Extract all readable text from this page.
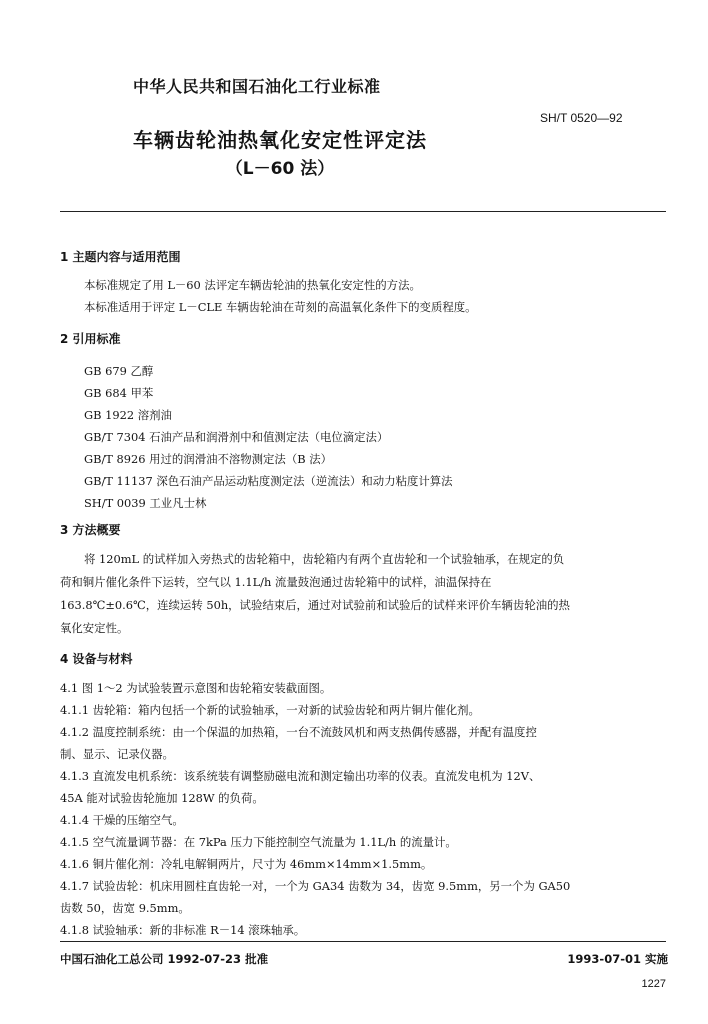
中华人民共和国石油化工行业标准
SH/T 0520—92
车辆齿轮油热氧化安定性评定法
（L－60 法）
1 主题内容与适用范围
本标准规定了用 L－60 法评定车辆齿轮油的热氧化安定性的方法。
本标准适用于评定 L－CLE 车辆齿轮油在苛刻的高温氧化条件下的变质程度。
2 引用标准
GB 679 乙醇
GB 684 甲苯
GB 1922 溶剂油
GB/T 7304 石油产品和润滑剂中和值测定法（电位滴定法）
GB/T 8926 用过的润滑油不溶物测定法（B 法）
GB/T 11137 深色石油产品运动粘度测定法（逆流法）和动力粘度计算法
SH/T 0039 工业凡士林
3 方法概要
将 120mL 的试样加入旁热式的齿轮箱中，齿轮箱内有两个直齿轮和一个试验轴承，在规定的负
荷和铜片催化条件下运转，空气以 1.1L/h 流量鼓泡通过齿轮箱中的试样，油温保持在
163.8℃±0.6℃，连续运转 50h，试验结束后，通过对试验前和试验后的试样来评价车辆齿轮油的热
氧化安定性。
4 设备与材料
4.1 图 1～2 为试验装置示意图和齿轮箱安装截面图。
4.1.1 齿轮箱：箱内包括一个新的试验轴承，一对新的试验齿轮和两片铜片催化剂。
4.1.2 温度控制系统：由一个保温的加热箱，一台不流鼓风机和两支热偶传感器，并配有温度控
制、显示、记录仪器。
4.1.3 直流发电机系统：该系统装有调整励磁电流和测定输出功率的仪表。直流发电机为 12V、
45A 能对试验齿轮施加 128W 的负荷。
4.1.4 干燥的压缩空气。
4.1.5 空气流量调节器：在 7kPa 压力下能控制空气流量为 1.1L/h 的流量计。
4.1.6 铜片催化剂：冷轧电解铜两片，尺寸为 46mm×14mm×1.5mm。
4.1.7 试验齿轮：机床用圆柱直齿轮一对，一个为 GA34 齿数为 34，齿宽 9.5mm，另一个为 GA50
齿数 50，齿宽 9.5mm。
4.1.8 试验轴承：新的非标准 R－14 滚珠轴承。
中国石油化工总公司 1992-07-23 批准	1993-07-01 实施
1227
